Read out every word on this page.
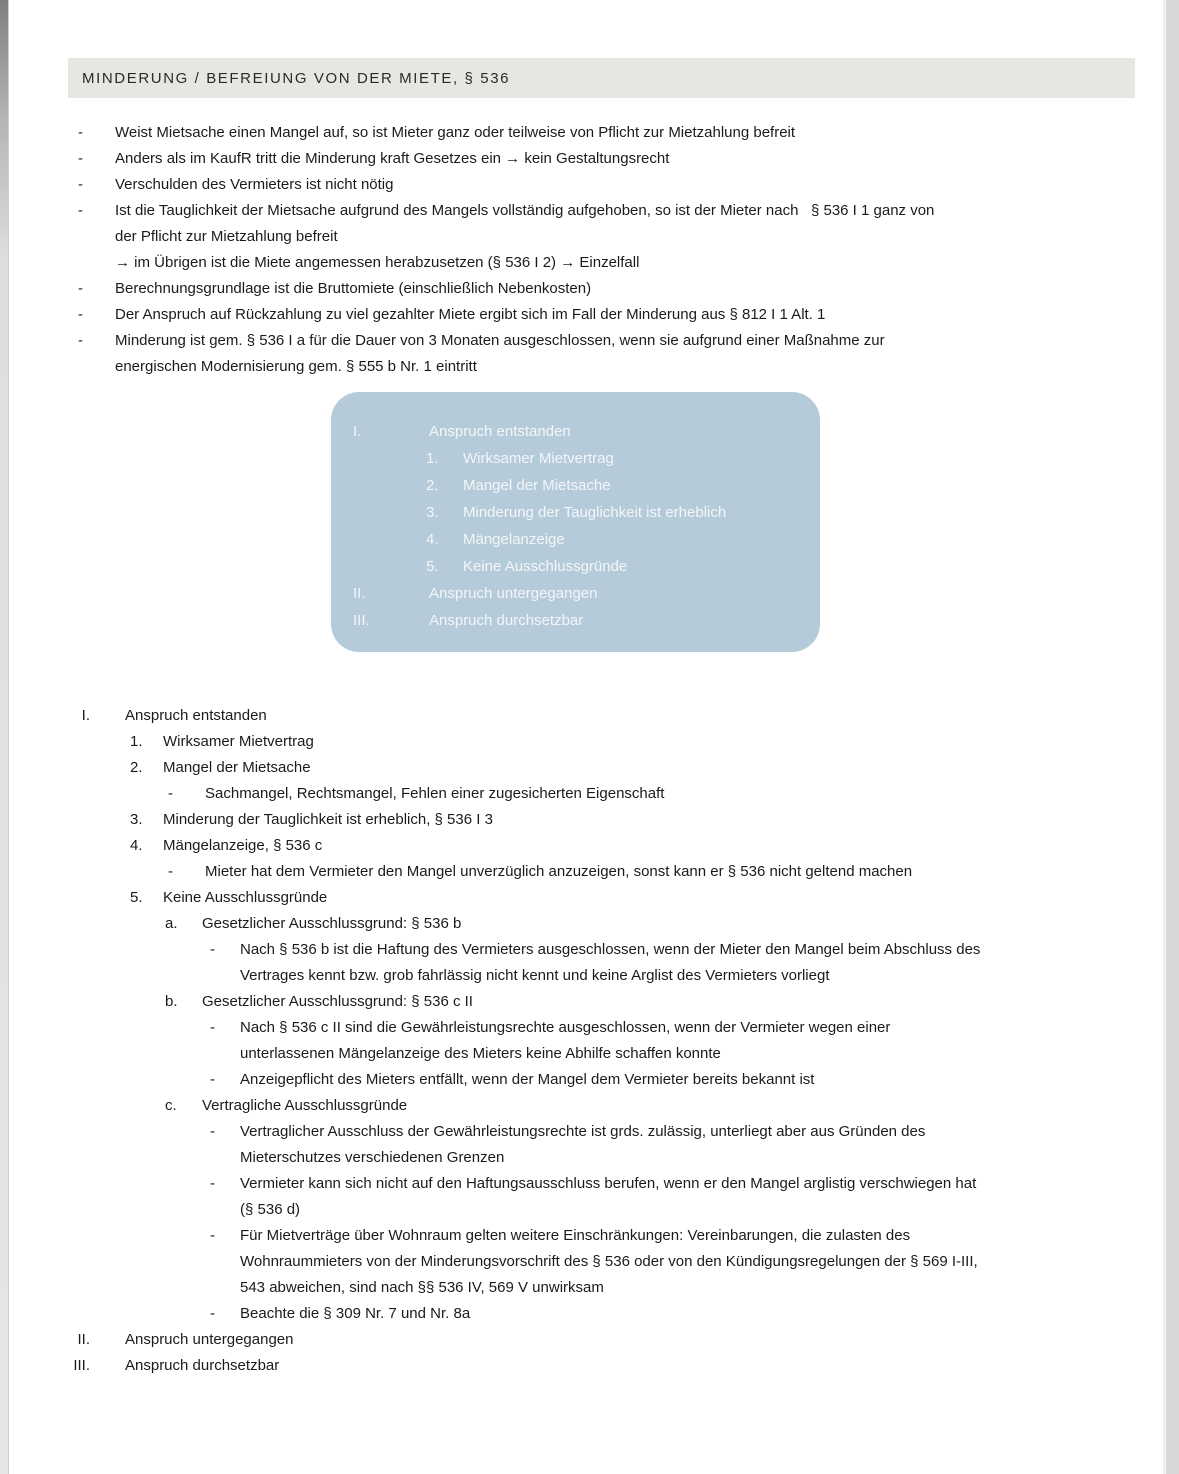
MINDERUNG / BEFREIUNG VON DER MIETE, § 536
-	Weist Mietsache einen Mangel auf, so ist Mieter ganz oder teilweise von Pflicht zur Mietzahlung befreit
-	Anders als im KaufR tritt die Minderung kraft Gesetzes ein → kein Gestaltungsrecht
-	Verschulden des Vermieters ist nicht nötig
-	Ist die Tauglichkeit der Mietsache aufgrund des Mangels vollständig aufgehoben, so ist der Mieter nach   § 536 I 1 ganz von
der Pflicht zur Mietzahlung befreit
→ im Übrigen ist die Miete angemessen herabzusetzen (§ 536 I 2) → Einzelfall
-	Berechnungsgrundlage ist die Bruttomiete (einschließlich Nebenkosten)
-	Der Anspruch auf Rückzahlung zu viel gezahlter Miete ergibt sich im Fall der Minderung aus § 812 I 1 Alt. 1
-	Minderung ist gem. § 536 I a für die Dauer von 3 Monaten ausgeschlossen, wenn sie aufgrund einer Maßnahme zur
energischen Modernisierung gem. § 555 b Nr. 1 eintritt
I.	Anspruch entstanden
1.	Wirksamer Mietvertrag
2.	Mangel der Mietsache
3.	Minderung der Tauglichkeit ist erheblich
4.	Mängelanzeige
5.	Keine Ausschlussgründe
II.	Anspruch untergegangen
III.	Anspruch durchsetzbar
I. Anspruch entstanden
1.	Wirksamer Mietvertrag
2.	Mangel der Mietsache
-	Sachmangel, Rechtsmangel, Fehlen einer zugesicherten Eigenschaft
3.	Minderung der Tauglichkeit ist erheblich, § 536 I 3
4.	Mängelanzeige, § 536 c
-	Mieter hat dem Vermieter den Mangel unverzüglich anzuzeigen, sonst kann er § 536 nicht geltend machen
5.	Keine Ausschlussgründe
a.	Gesetzlicher Ausschlussgrund: § 536 b
-	Nach § 536 b ist die Haftung des Vermieters ausgeschlossen, wenn der Mieter den Mangel beim Abschluss des
Vertrages kennt bzw. grob fahrlässig nicht kennt und keine Arglist des Vermieters vorliegt
b.	Gesetzlicher Ausschlussgrund: § 536 c II
-	Nach § 536 c II sind die Gewährleistungsrechte ausgeschlossen, wenn der Vermieter wegen einer
unterlassenen Mängelanzeige des Mieters keine Abhilfe schaffen konnte
-	Anzeigepflicht des Mieters entfällt, wenn der Mangel dem Vermieter bereits bekannt ist
c.	Vertragliche Ausschlussgründe
-	Vertraglicher Ausschluss der Gewährleistungsrechte ist grds. zulässig, unterliegt aber aus Gründen des
Mieterschutzes verschiedenen Grenzen
-	Vermieter kann sich nicht auf den Haftungsausschluss berufen, wenn er den Mangel arglistig verschwiegen hat
(§ 536 d)
-	Für Mietverträge über Wohnraum gelten weitere Einschränkungen: Vereinbarungen, die zulasten des
Wohnraummieters von der Minderungsvorschrift des § 536 oder von den Kündigungsregelungen der § 569 I-III,
543 abweichen, sind nach §§ 536 IV, 569 V unwirksam
-	Beachte die § 309 Nr. 7 und Nr. 8a
II. Anspruch untergegangen
III. Anspruch durchsetzbar
